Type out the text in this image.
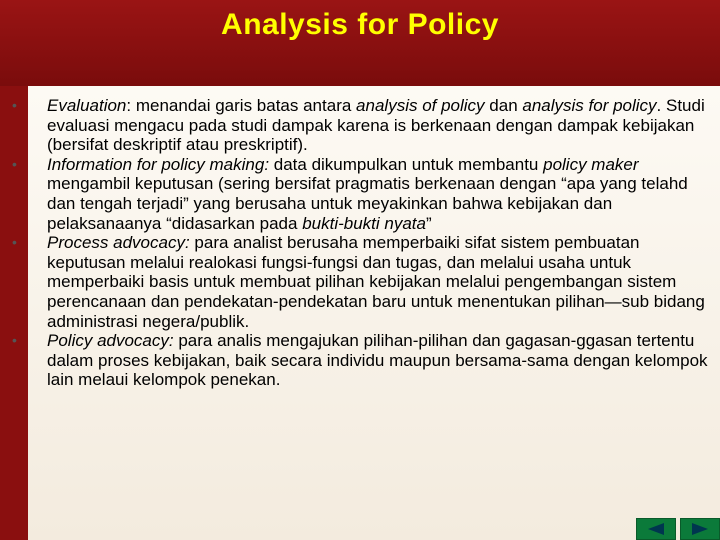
Analysis for Policy
•	Evaluation: menandai garis batas antara analysis of policy dan analysis for policy. Studi evaluasi mengacu pada studi dampak karena is berkenaan dengan dampak kebijakan (bersifat deskriptif atau preskriptif).
•	Information for policy making: data dikumpulkan untuk membantu policy maker mengambil keputusan (sering bersifat pragmatis berkenaan dengan “apa yang telahd dan tengah terjadi” yang berusaha untuk meyakinkan bahwa kebijakan dan pelaksanaanya “didasarkan pada bukti-bukti nyata”
•	Process advocacy: para analist berusaha memperbaiki sifat sistem pembuatan keputusan melalui realokasi fungsi-fungsi dan tugas, dan melalui usaha untuk memperbaiki basis untuk membuat pilihan kebijakan melalui pengembangan sistem perencanaan dan pendekatan-pendekatan baru untuk menentukan pilihan—sub bidang administrasi negera/publik.
•	Policy advocacy: para analis mengajukan pilihan-pilihan dan gagasan-ggasan tertentu dalam proses kebijakan, baik secara individu maupun bersama-sama dengan kelompok lain melaui kelompok penekan.
